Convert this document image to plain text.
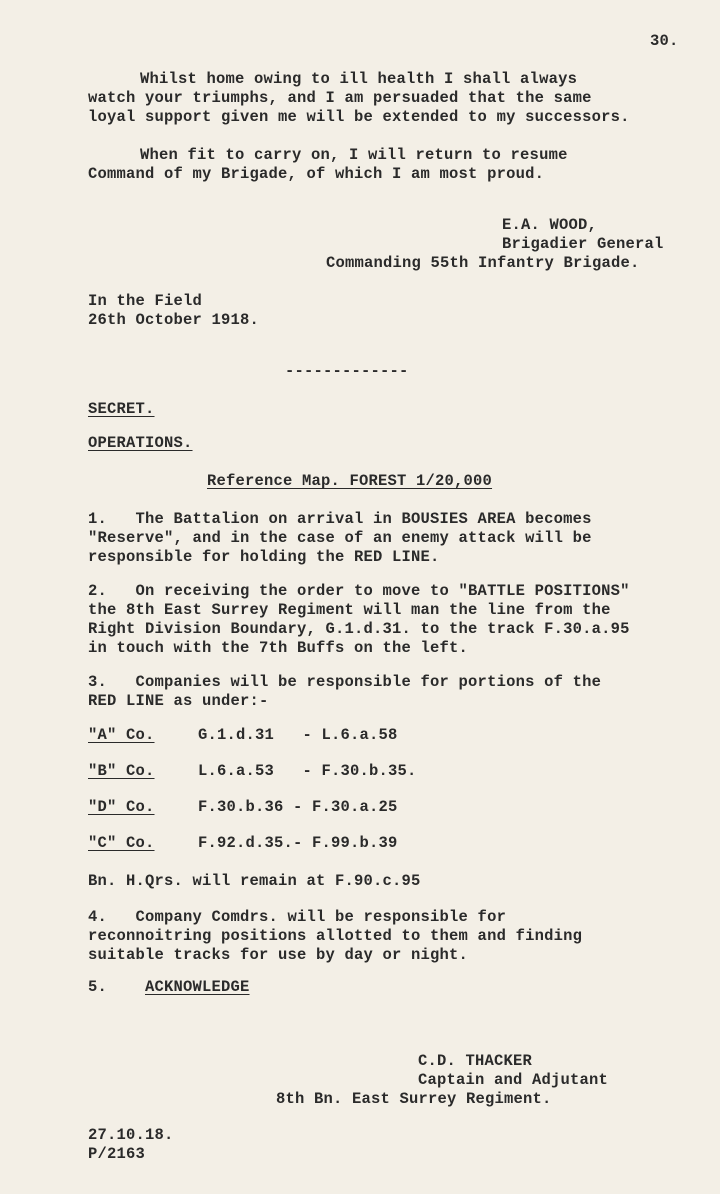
30.
Whilst home owing to ill health I shall always
watch your triumphs, and I am persuaded that the same
loyal support given me will be extended to my successors.
When fit to carry on, I will return to resume
Command of my Brigade, of which I am most proud.
E.A. WOOD,
Brigadier General
Commanding 55th Infantry Brigade.
In the Field
26th October 1918.
-------------
SECRET.
OPERATIONS.
Reference Map. FOREST 1/20,000
1.   The Battalion on arrival in BOUSIES AREA becomes
"Reserve", and in the case of an enemy attack will be
responsible for holding the RED LINE.
2.   On receiving the order to move to "BATTLE POSITIONS"
the 8th East Surrey Regiment will man the line from the
Right Division Boundary, G.1.d.31. to the track F.30.a.95
in touch with the 7th Buffs on the left.
3.   Companies will be responsible for portions of the
RED LINE as under:-
"A" Co.	G.1.d.31   - L.6.a.58
"B" Co.	L.6.a.53   - F.30.b.35.
"D" Co.	F.30.b.36 - F.30.a.25
"C" Co.	F.92.d.35.- F.99.b.39
Bn. H.Qrs. will remain at F.90.c.95
4.   Company Comdrs. will be responsible for
reconnoitring positions allotted to them and finding
suitable tracks for use by day or night.
5. ACKNOWLEDGE
C.D. THACKER
Captain and Adjutant
8th Bn. East Surrey Regiment.
27.10.18.
P/2163
